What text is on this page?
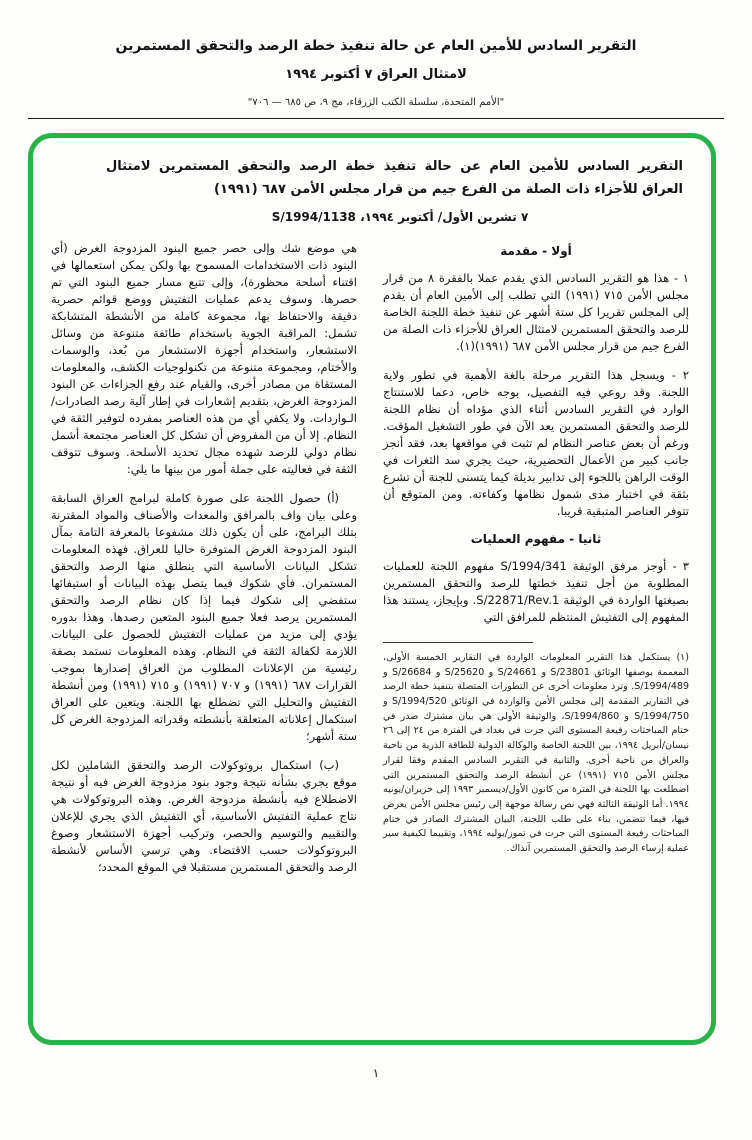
التقرير السادس للأمين العام عن حالة تنفيذ خطة الرصد والتحقق المستمرين
لامتثال العراق ٧ أكتوبر ١٩٩٤
"الأمم المتحدة، سلسلة الكتب الزرقاء، مج ٩، ص ٦٨٥ — ٧٠٦"

التقرير السادس للأمين العام عن حالة تنفيذ خطة الرصد والتحقق المستمرين لامتثال العراق للأجزاء ذات الصلة من الفرع جيم من قرار مجلس الأمن ٦٨٧ (١٩٩١)

٧ تشرين الأول/ أكتوبر ١٩٩٤، S/1994/1138

أولا - مقدمة

١ - هذا هو التقرير السادس الذي يقدم عملا بالفقرة ٨ من قرار مجلس الأمن ٧١٥ (١٩٩١) التي تطلب إلى الأمين العام أن يقدم إلى المجلس تقريرا كل ستة أشهر عن تنفيذ خطة اللجنة الخاصة للرصد والتحقق المستمرين لامتثال العراق للأجزاء ذات الصلة من الفرع جيم من قرار مجلس الأمن ٦٨٧ (١٩٩١)(١).

٢ - ويسجل هذا التقرير مرحلة بالغة الأهمية في تطور ولاية اللجنة. وقد روعي فيه التفصيل، بوجه خاص، دعما للاستنتاج الوارد في التقرير السادس أثناء الذي مؤداه أن نظام اللجنة للرصد والتحقق المستمرين يعد الآن في طور التشغيل المؤقت. ورغم أن بعض عناصر النظام لم تثبت في مواقعها بعد، فقد أنجز جانب كبير من الأعمال التحضيرية، حيث يجري سد الثغرات في الوقت الراهن باللجوء إلى تدابير بديلة كيما يتسنى للجنة أن تشرع بثقة في اختبار مدى شمول نظامها وكفاءته. ومن المتوقع أن تتوفر العناصر المتبقية قريبا.

ثانيا - مفهوم العمليات

٣ - أوجز مرفق الوثيقة S/1994/341 مفهوم اللجنة للعمليات المطلوبة من أجل تنفيذ خطتها للرصد والتحقق المستمرين بصيغتها الواردة في الوثيقة S/22871/Rev.1. وبإيجاز، يستند هذا المفهوم إلى التفتيش المنتظم للمرافق التي

(١)يستكمل هذا التقرير المعلومات الواردة في التقارير الخمسة الأولى، المعممة بوصفها الوثائق S/23801 و S/24661 و S/25620 و S/26684 و S/1994/489. وترد معلومات أخرى عن التطورات المتصلة بتنفيذ خطة الرصد في التقارير المقدمة إلى مجلس الأمن والواردة في الوثائق S/1994/520 و S/1994/750 و S/1994/860، والوثيقة الأولى هي بيان مشترك صدر في ختام المباحثات رفيعة المستوى التي جرت في بغداد في الفترة من ٢٤ إلى ٢٦ نيسان/أبريل ١٩٩٤، بين اللجنة الخاصة والوكالة الدولية للطاقة الذرية من ناحية والعراق من ناحية أخرى. والثانية في التقرير السادس المقدم وفقا لقرار مجلس الأمن ٧١٥ (١٩٩١) عن أنشطة الرصد والتحقق المستمرين التي اضطلعت بها اللجنة في الفترة من كانون الأول/ديسمبر ١٩٩٣ إلى حزيران/يونيه ١٩٩٤. أما الوثيقة الثالثة فهي نص رسالة موجهة إلى رئيس مجلس الأمن يعرض فيها، فيما تتضمن، بناء على طلب اللجنة، البيان المشترك الصادر في ختام المباحثات رفيعة المستوى التي جرت في تموز/يوليه ١٩٩٤، وتقييما لكيفية سير عملية إرساء الرصد والتحقق المستمرين آنذاك.

هي موضع شك وإلى حصر جميع البنود المزدوجة الغرض (أي البنود ذات الاستخدامات المسموح بها ولكن يمكن استعمالها في اقتناء أسلحة محظورة)، وإلى تتبع مسار جميع البنود التي تم حصرها. وسوف يدعم عمليات التفتيش ووضع قوائم حصرية دقيقة والاحتفاظ بها، مجموعة كاملة من الأنشطة المتشابكة تشمل: المراقبة الجوية باستخدام طائفة متنوعة من وسائل الاستشعار، واستخدام أجهزة الاستشعار من بُعد، والوسمات والأختام، ومجموعة متنوعة من تكنولوجيات الكشف، والمعلومات المستقاة من مصادر أخرى، والقيام عند رفع الجزاءات عن البنود المزدوجة الغرض، بتقديم إشعارات في إطار آلية رصد الصادرات/الـواردات. ولا يكفي أي من هذه العناصر بمفرده لتوفير الثقة في النظام. إلا أن من المفروض أن تشكل كل العناصر مجتمعة أشمل نظام دولي للرصد شهده مجال تحديد الأسلحة. وسوف تتوقف الثقة في فعاليته على جملة أمور من بينها ما يلي:

(أ) حصول اللجنة على صورة كاملة لبرامج العراق السابقة وعلى بيان واف بالمرافق والمعدات والأصناف والمواد المقترنة بتلك البرامج، على أن يكون ذلك مشفوعا بالمعرفة التامة بمآل البنود المزدوجة الغرض المتوفرة حاليا للعراق. فهذه المعلومات تشكل البيانات الأساسية التي ينطلق منها الرصد والتحقق المستمران. فأي شكوك فيما يتصل بهذه البيانات أو استيفائها ستفضي إلى شكوك فيما إذا كان نظام الرصد والتحقق المستمرين يرصد فعلا جميع البنود المتعين رصدها. وهذا بدوره يؤدي إلى مزيد من عمليات التفتيش للحصول على البيانات اللازمة لكفالة الثقة في النظام. وهذه المعلومات تستمد بصفة رئيسية من الإعلانات المطلوب من العراق إصدارها بموجب القرارات ٦٨٧ (١٩٩١) و ٧٠٧ (١٩٩١) و ٧١٥ (١٩٩١) ومن أنشطة التفتيش والتحليل التي تضطلع بها اللجنة. ويتعين على العراق استكمال إعلاناته المتعلقة بأنشطته وقدراته المزدوجة الغرض كل ستة أشهر؛

(ب) استكمال بروتوكولات الرصد والتحقق الشاملين لكل موقع يجري بشأنه نتيجة وجود بنود مزدوجة الغرض فيه أو نتيجة الاضطلاع فيه بأنشطة مزدوجة الغرض. وهذه البروتوكولات هي نتاج عملية التفتيش الأساسية، أي التفتيش الذي يجري للإعلان والتقييم والتوسيم والحصر، وتركيب أجهزة الاستشعار وصوغ البروتوكولات حسب الاقتضاء. وهي ترسي الأساس لأنشطة الرصد والتحقق المستمرين مستقبلا في الموقع المحدد؛

١
